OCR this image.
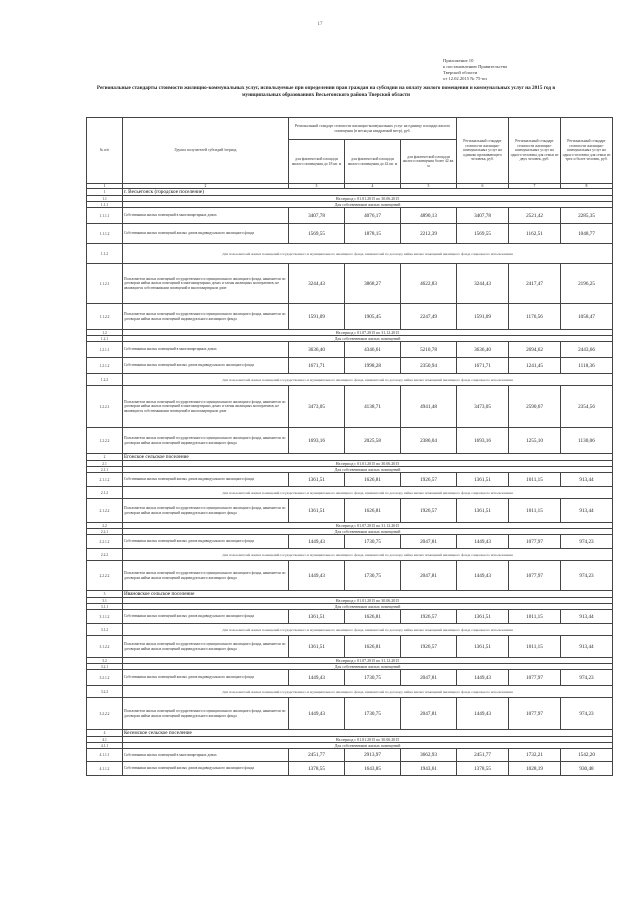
17
Приложение 10
к постановлению Правительства
Тверской области
от 12.02.2015 № 75-пп
Региональные стандарты стоимости жилищно-коммунальных услуг, используемые при определении прав граждан на субсидии на оплату жилого помещения и коммунальных услуг на 2015 год в муниципальных образованиях Весьегонского района Тверской области
№ п/п	Группа получателей субсидий /период	Региональный стандарт стоимости жилищно-коммунальных услуг на единицу площади жилого помещения (в месяц на квадратный метр), руб.			Региональный стандарт стоимости жилищно-коммунальных услуг на одиноко проживающего человека, руб.	Региональный стандарт стоимости жилищно-коммунальных услуг на одного человека для семьи из двух человек, руб.	Региональный стандарт стоимости жилищно-коммунальных услуг на одного человека для семьи из трех и более человек, руб.
		для фактической площади жилого помещения до 18 кв. м	для фактической площади жилого помещения до 42 кв. м	для фактической площади жилого помещения более 42 кв. м			
1	2	3	4	5	6	7	8
1	г. Весьегонск (городское поселение)						
1.1	На период с 01.01.2015 по 30.06.2015						
1.1.1	Для собственников жилых помещений						
1.1.1.1	Собственники жилых помещений в многоквартирных домах	3407,78	4076,17	4890,13	3407,78	2521,42	2285,35
1.1.1.2	Собственники жилых помещений жилых домов индивидуального жилищного фонда	1569,55	1878,15	2212,39	1569,55	1162,51	1048,77
1.1.2	Для пользователей жилых помещений государственного и муниципального жилищного фонда, нанимателей по договору найма жилых помещений жилищного фонда социального использования						
1.1.2.1	Пользователи жилых помещений государственного и муниципального жилищного фонда, наниматели по договорам найма жилых помещений в многоквартирных домах и члены жилищных кооперативов, не являющиеся собственниками помещений в многоквартирном доме	3244,43	3868,27	4622,83	3244,43	2417,47	2196,25
1.1.2.2	Пользователи жилых помещений государственного и муниципального жилищного фонда, наниматели по договорам найма жилых помещений индивидуального жилищного фонда	1591,09	1905,45	2247,49	1591,09	1176,56	1058,47
1.2	На период с 01.07.2015 по 31.12.2015						
1.2.1	Для собственников жилых помещений						
1.2.1.1	Собственники жилых помещений в многоквартирных домах	3636,40	4346,61	5210,78	3636,40	2694,62	2443,66
1.2.1.2	Собственники жилых помещений жилых домов индивидуального жилищного фонда	1671,71	1998,28	2350,94	1671,71	1241,45	1118,36
1.2.2	Для пользователей жилых помещений государственного и муниципального жилищного фонда, нанимателей по договору найма жилых помещений жилищного фонда социального использования						
1.2.2.1	Пользователи жилых помещений государственного и муниципального жилищного фонда, наниматели по договорам найма жилых помещений в многоквартирных домах и члены жилищных кооперативов, не являющиеся собственниками помещений в многоквартирном доме	3473,05	4138,71	4941,48	3473,05	2590,67	2354,56
1.2.2.2	Пользователи жилых помещений государственного и муниципального жилищного фонда, наниматели по договорам найма жилых помещений индивидуального жилищного фонда	1693,16	2025,58	2386,04	1693,16	1255,10	1130,06
2	Ёгонское сельское поселение						
2.1	На период с 01.01.2015 по 30.06.2015						
2.1.1	Для собственников жилых помещений						
2.1.1.2	Собственники жилых помещений жилых домов индивидуального жилищного фонда	1361,51	1626,81	1926,57	1361,51	1011,15	913,44
2.1.2	Для пользователей жилых помещений государственного и муниципального жилищного фонда, нанимателей по договору найма жилых помещений жилищного фонда социального использования						
2.1.2.2	Пользователи жилых помещений государственного и муниципального жилищного фонда, наниматели по договорам найма жилых помещений индивидуального жилищного фонда	1361,51	1626,81	1926,57	1361,51	1011,15	913,44
2.2	На период с 01.07.2015 по 31.12.2015						
2.2.1	Для собственников жилых помещений						
2.2.1.2	Собственники жилых помещений жилых домов индивидуального жилищного фонда	1449,43	1730,75	2047,81	1449,43	1077,97	974,23
2.2.2	Для пользователей жилых помещений государственного и муниципального жилищного фонда, нанимателей по договору найма жилых помещений жилищного фонда социального использования						
2.2.2.2	Пользователи жилых помещений государственного и муниципального жилищного фонда, наниматели по договорам найма жилых помещений индивидуального жилищного фонда	1449,43	1730,75	2047,81	1449,43	1077,97	974,23
3	Ивановское сельское поселение						
3.1	На период с 01.01.2015 по 30.06.2015						
3.1.1	Для собственников жилых помещений						
3.1.1.2	Собственники жилых помещений жилых домов индивидуального жилищного фонда	1361,51	1626,81	1926,57	1361,51	1011,15	913,44
3.1.2	Для пользователей жилых помещений государственного и муниципального жилищного фонда, нанимателей по договору найма жилых помещений жилищного фонда социального использования						
3.1.2.2	Пользователи жилых помещений государственного и муниципального жилищного фонда, наниматели по договорам найма жилых помещений индивидуального жилищного фонда	1361,51	1626,81	1926,57	1361,51	1011,15	913,44
3.2	На период с 01.07.2015 по 31.12.2015						
3.2.1	Для собственников жилых помещений						
3.2.1.2	Собственники жилых помещений жилых домов индивидуального жилищного фонда	1449,43	1730,75	2047,81	1449,43	1077,97	974,23
3.2.2	Для пользователей жилых помещений государственного и муниципального жилищного фонда, нанимателей по договору найма жилых помещений жилищного фонда социального использования						
3.2.2.2	Пользователи жилых помещений государственного и муниципального жилищного фонда, наниматели по договорам найма жилых помещений индивидуального жилищного фонда	1449,43	1730,75	2047,81	1449,43	1077,97	974,23
4	Кесемское сельское поселение						
4.1	На период с 01.01.2015 по 30.06.2015						
4.1.1	Для собственников жилых помещений						
4.1.1.1	Собственники жилых помещений в многоквартирных домах	2451,77	2913,97	3662,93	2451,77	1732,21	1542,20
4.1.1.2	Собственники жилых помещений жилых домов индивидуального жилищного фонда	1378,55	1643,85	1943,61	1378,55	1028,19	930,48
